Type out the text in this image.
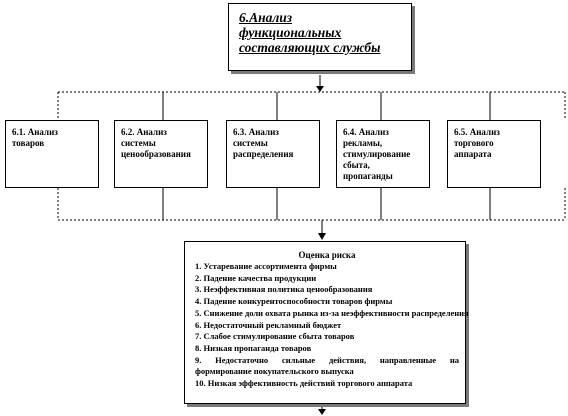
6.Анализ
функциональных
составляющих службы
6.1. Анализ
товаров
6.2. Анализ
системы
ценообразования
6.3. Анализ
системы
распределения
6.4. Анализ
рекламы,
стимулирование
сбыта,
пропаганды
6.5. Анализ
торгового
аппарата
Оценка риска
1. Устаревание ассортимента фирмы
2. Падение качества продукции
3. Неэффективная политика ценообразования
4. Падение конкурентоспособности товаров фирмы
5. Снижение доли охвата рынка из-за неэффективности распределения
6. Недостаточный рекламный бюджет
7. Слабое стимулирование сбыта товаров
8. Низкая пропаганда товаров
9. Недостаточно сильные действия, направленные на формирование покупательского выпуска
10. Низкая эффективность действий торгового аппарата
